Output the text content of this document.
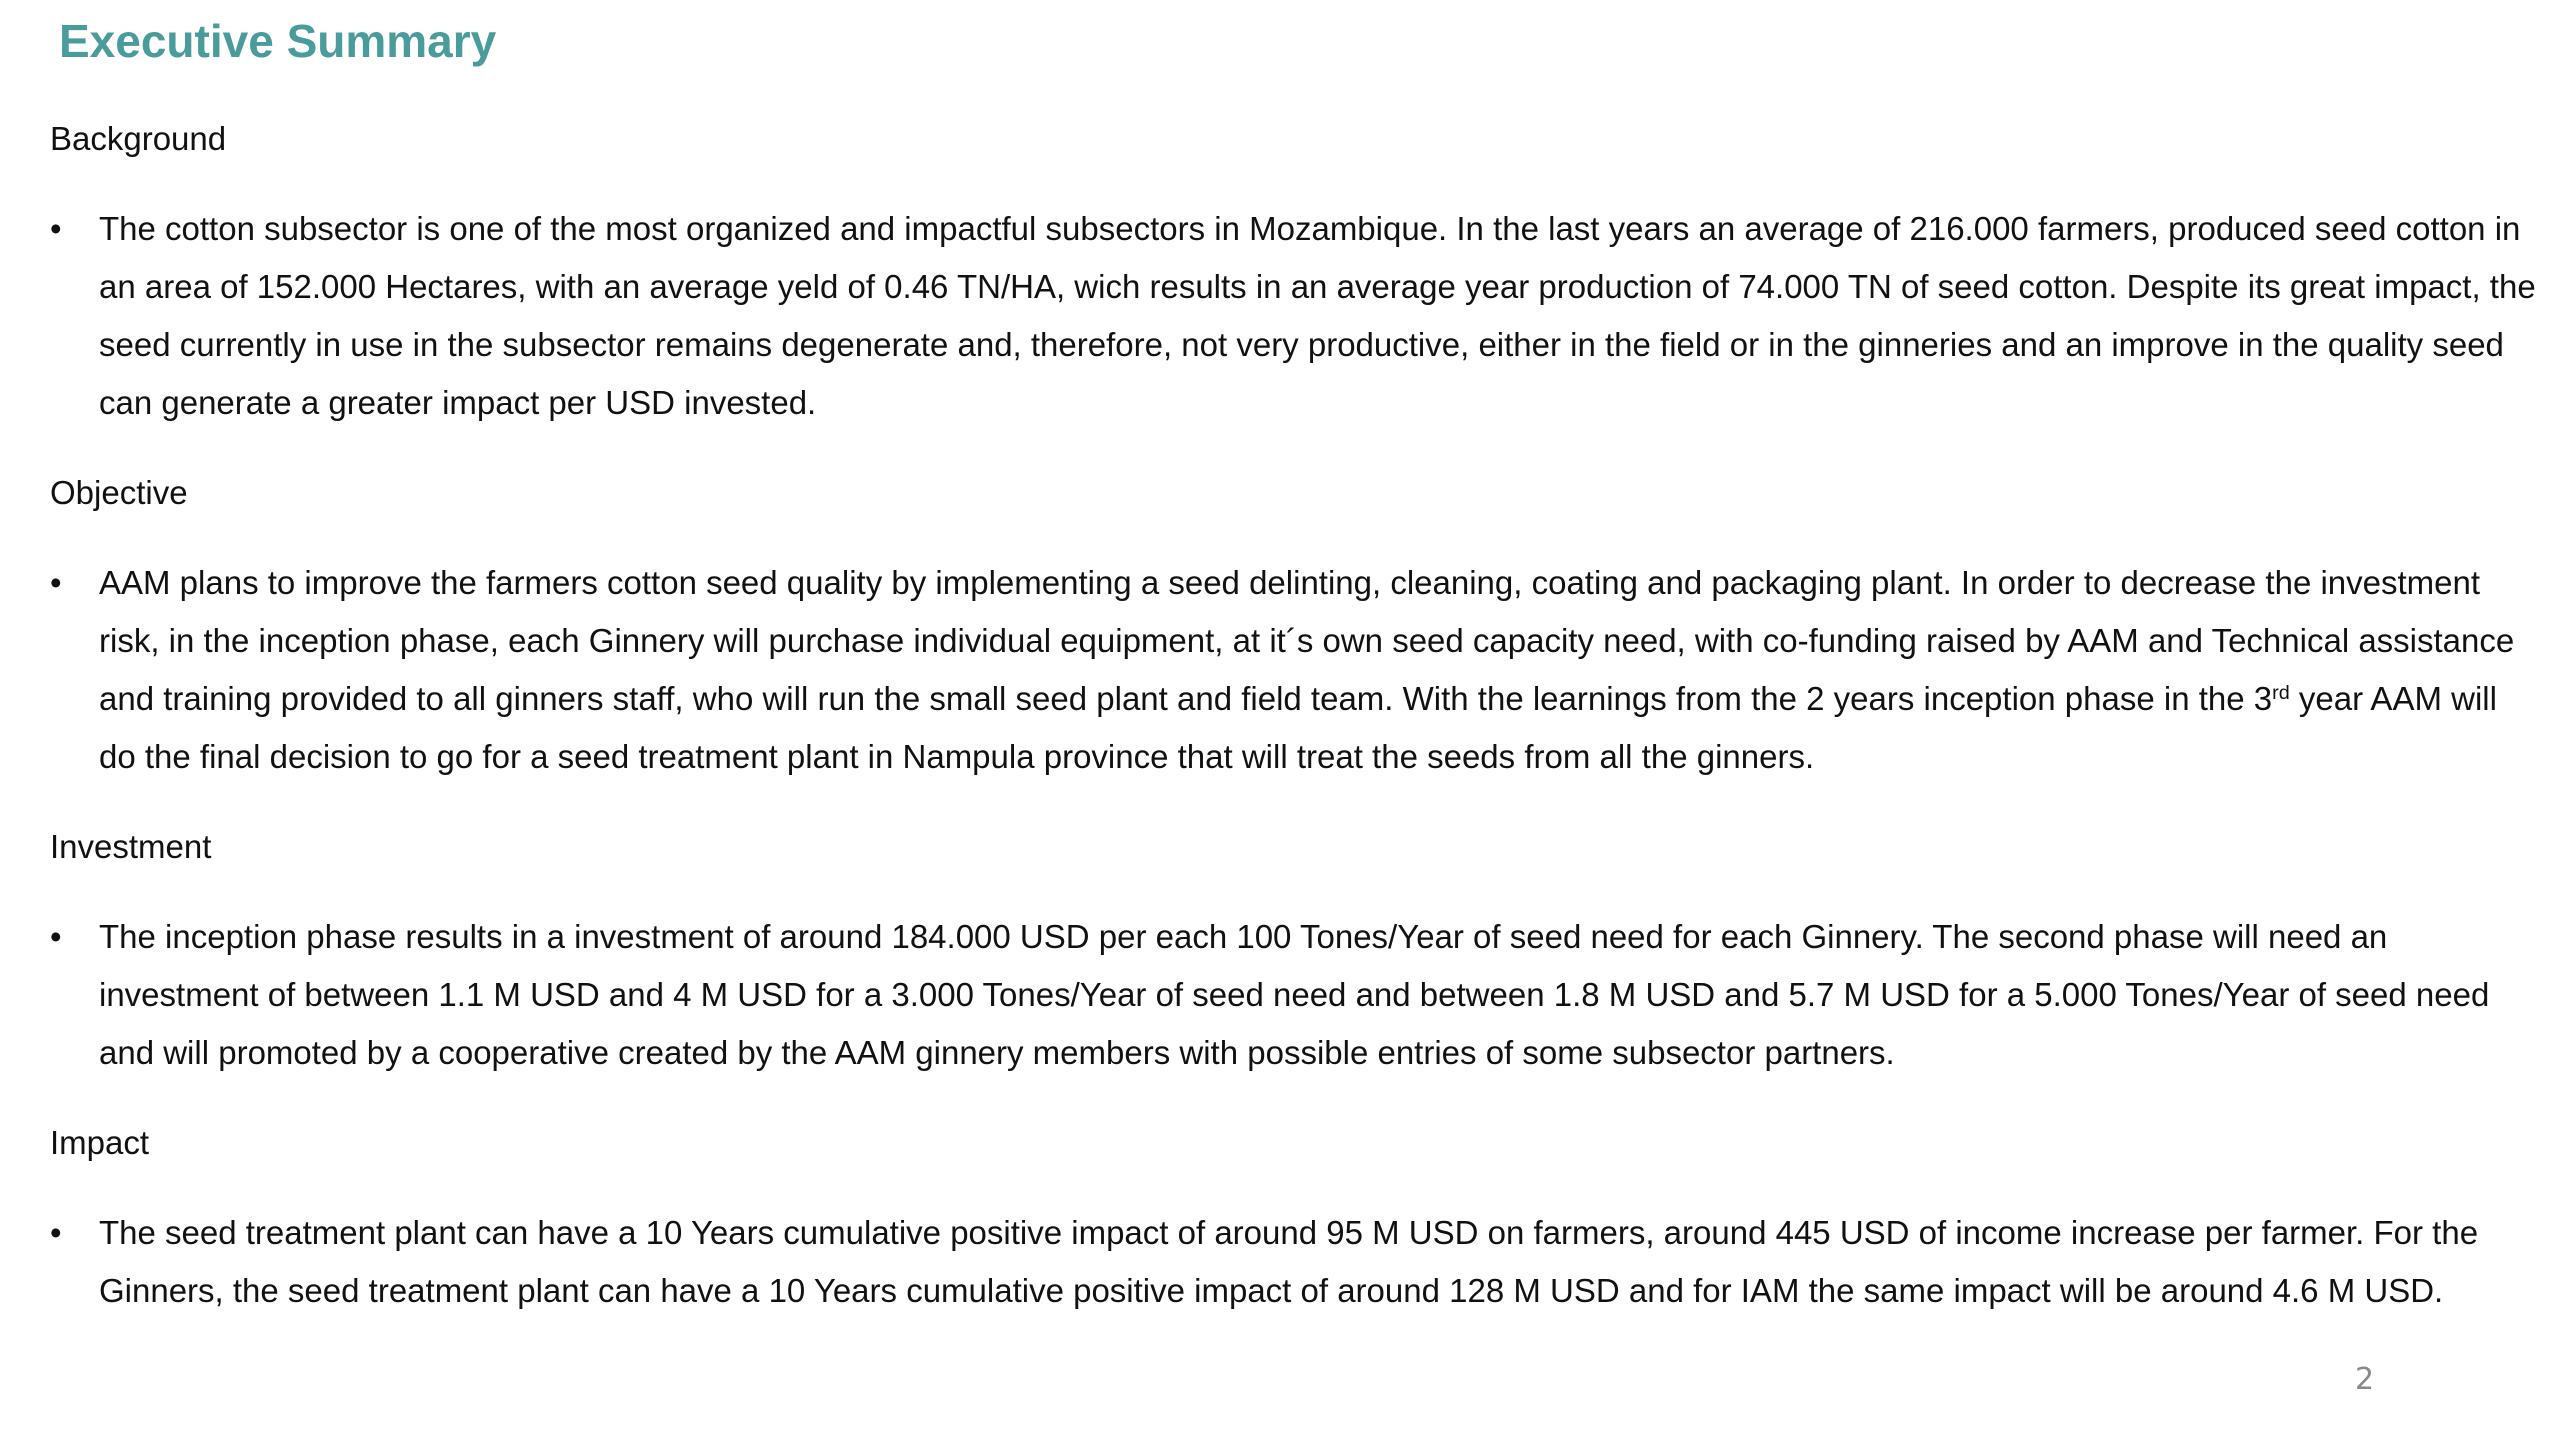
Executive Summary
Background
• The cotton subsector is one of the most organized and impactful subsectors in Mozambique. In the last years an average of 216.000 farmers, produced seed cotton in an area of 152.000 Hectares, with an average yeld of 0.46 TN/HA, wich results in an average year production of 74.000 TN of seed cotton. Despite its great impact, the seed currently in use in the subsector remains degenerate and, therefore, not very productive, either in the field or in the ginneries and an improve in the quality seed can generate a greater impact per USD invested.
Objective
• AAM plans to improve the farmers cotton seed quality by implementing a seed delinting, cleaning, coating and packaging plant. In order to decrease the investment risk, in the inception phase, each Ginnery will purchase individual equipment, at it´s own seed capacity need, with co-funding raised by AAM and Technical assistance and training provided to all ginners staff, who will run the small seed plant and field team. With the learnings from the 2 years inception phase in the 3rd year AAM will do the final decision to go for a seed treatment plant in Nampula province that will treat the seeds from all the ginners.
Investment
• The inception phase results in a investment of around 184.000 USD per each 100 Tones/Year of seed need for each Ginnery. The second phase will need an investment of between 1.1 M USD and 4 M USD for a 3.000 Tones/Year of seed need and between 1.8 M USD and 5.7 M USD for a 5.000 Tones/Year of seed need and will promoted by a cooperative created by the AAM ginnery members with possible entries of some subsector partners.
Impact
• The seed treatment plant can have a 10 Years cumulative positive impact of around 95 M USD on farmers, around 445 USD of income increase per farmer. For the Ginners, the seed treatment plant can have a 10 Years cumulative positive impact of around 128 M USD and for IAM the same impact will be around 4.6 M USD.
2
